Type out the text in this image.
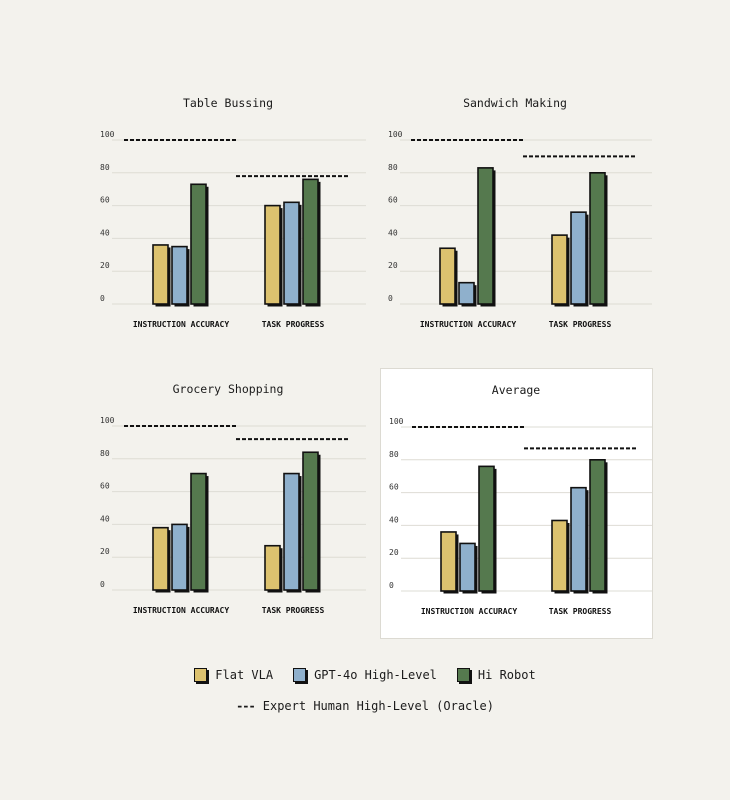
Table Bussing
0
20
40
60
80
100
INSTRUCTION ACCURACY	TASK PROGRESS
Sandwich Making
0
20
40
60
80
100
INSTRUCTION ACCURACY	TASK PROGRESS
Grocery Shopping
0
20
40
60
80
100
INSTRUCTION ACCURACY	TASK PROGRESS
Average
0
20
40
60
80
100
INSTRUCTION ACCURACY	TASK PROGRESS
Flat VLA	GPT-4o High-Level	Hi Robot
--- Expert Human High-Level (Oracle)
